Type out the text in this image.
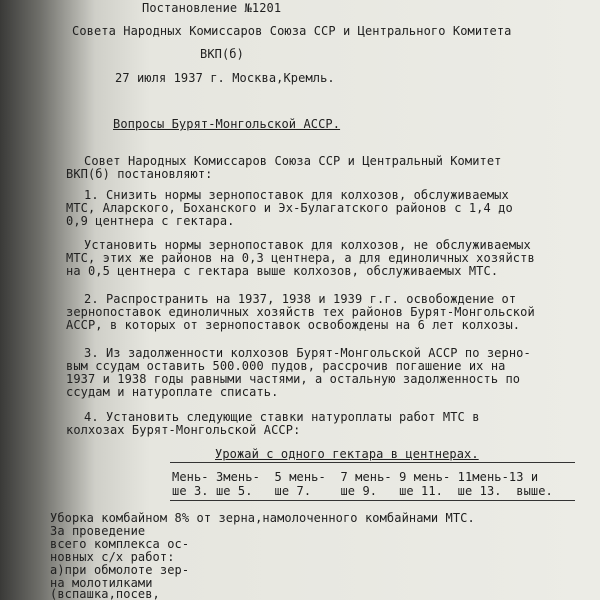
Постановление №1201
Совета Народных Комиссаров Союза ССР и Центрального Комитета
ВКП(б)
27 июля 1937 г. Москва,Кремль.
Вопросы Бурят-Монгольской АССР.
Совет Народных Комиссаров Союза ССР и Центральный Комитет
ВКП(б) постановляют:
1. Снизить нормы зернопоставок для колхозов, обслуживаемых
МТС, Аларского, Боханского и Эх-Булагатского районов с 1,4 до
0,9 центнера с гектара.
Установить нормы зернопоставок для колхозов, не обслуживаемых
МТС, этих же районов на 0,3 центнера, а для единоличных хозяйств
на 0,5 центнера с гектара выше колхозов, обслуживаемых МТС.
2. Распространить на 1937, 1938 и 1939 г.г. освобождение от
зернопоставок единоличных хозяйств тех районов Бурят-Монгольской
АССР, в которых от зернопоставок освобождены на 6 лет колхозы.
3. Из задолженности колхозов Бурят-Монгольской АССР по зерно-
вым ссудам оставить 500.000 пудов, рассрочив погашение их на
1937 и 1938 годы равными частями, а остальную задолженность по
ссудам и натуроплате списать.
4. Установить следующие ставки натуроплаты работ МТС в
колхозах Бурят-Монгольской АССР:
Урожай с одного гектара в центнерах.
Мень- Змень-  5 мень-  7 мень- 9 мень- 11мень-13 и
ше 3. ше 5.   ше 7.    ше 9.   ше 11.  ше 13.  выше.
Уборка комбайном 8% от зерна,намолоченного комбайнами МТС.
За проведение
всего комплекса ос-
новных с/х работ:
а)при обмолоте зер-
на молотилками
(вспашка,посев,
